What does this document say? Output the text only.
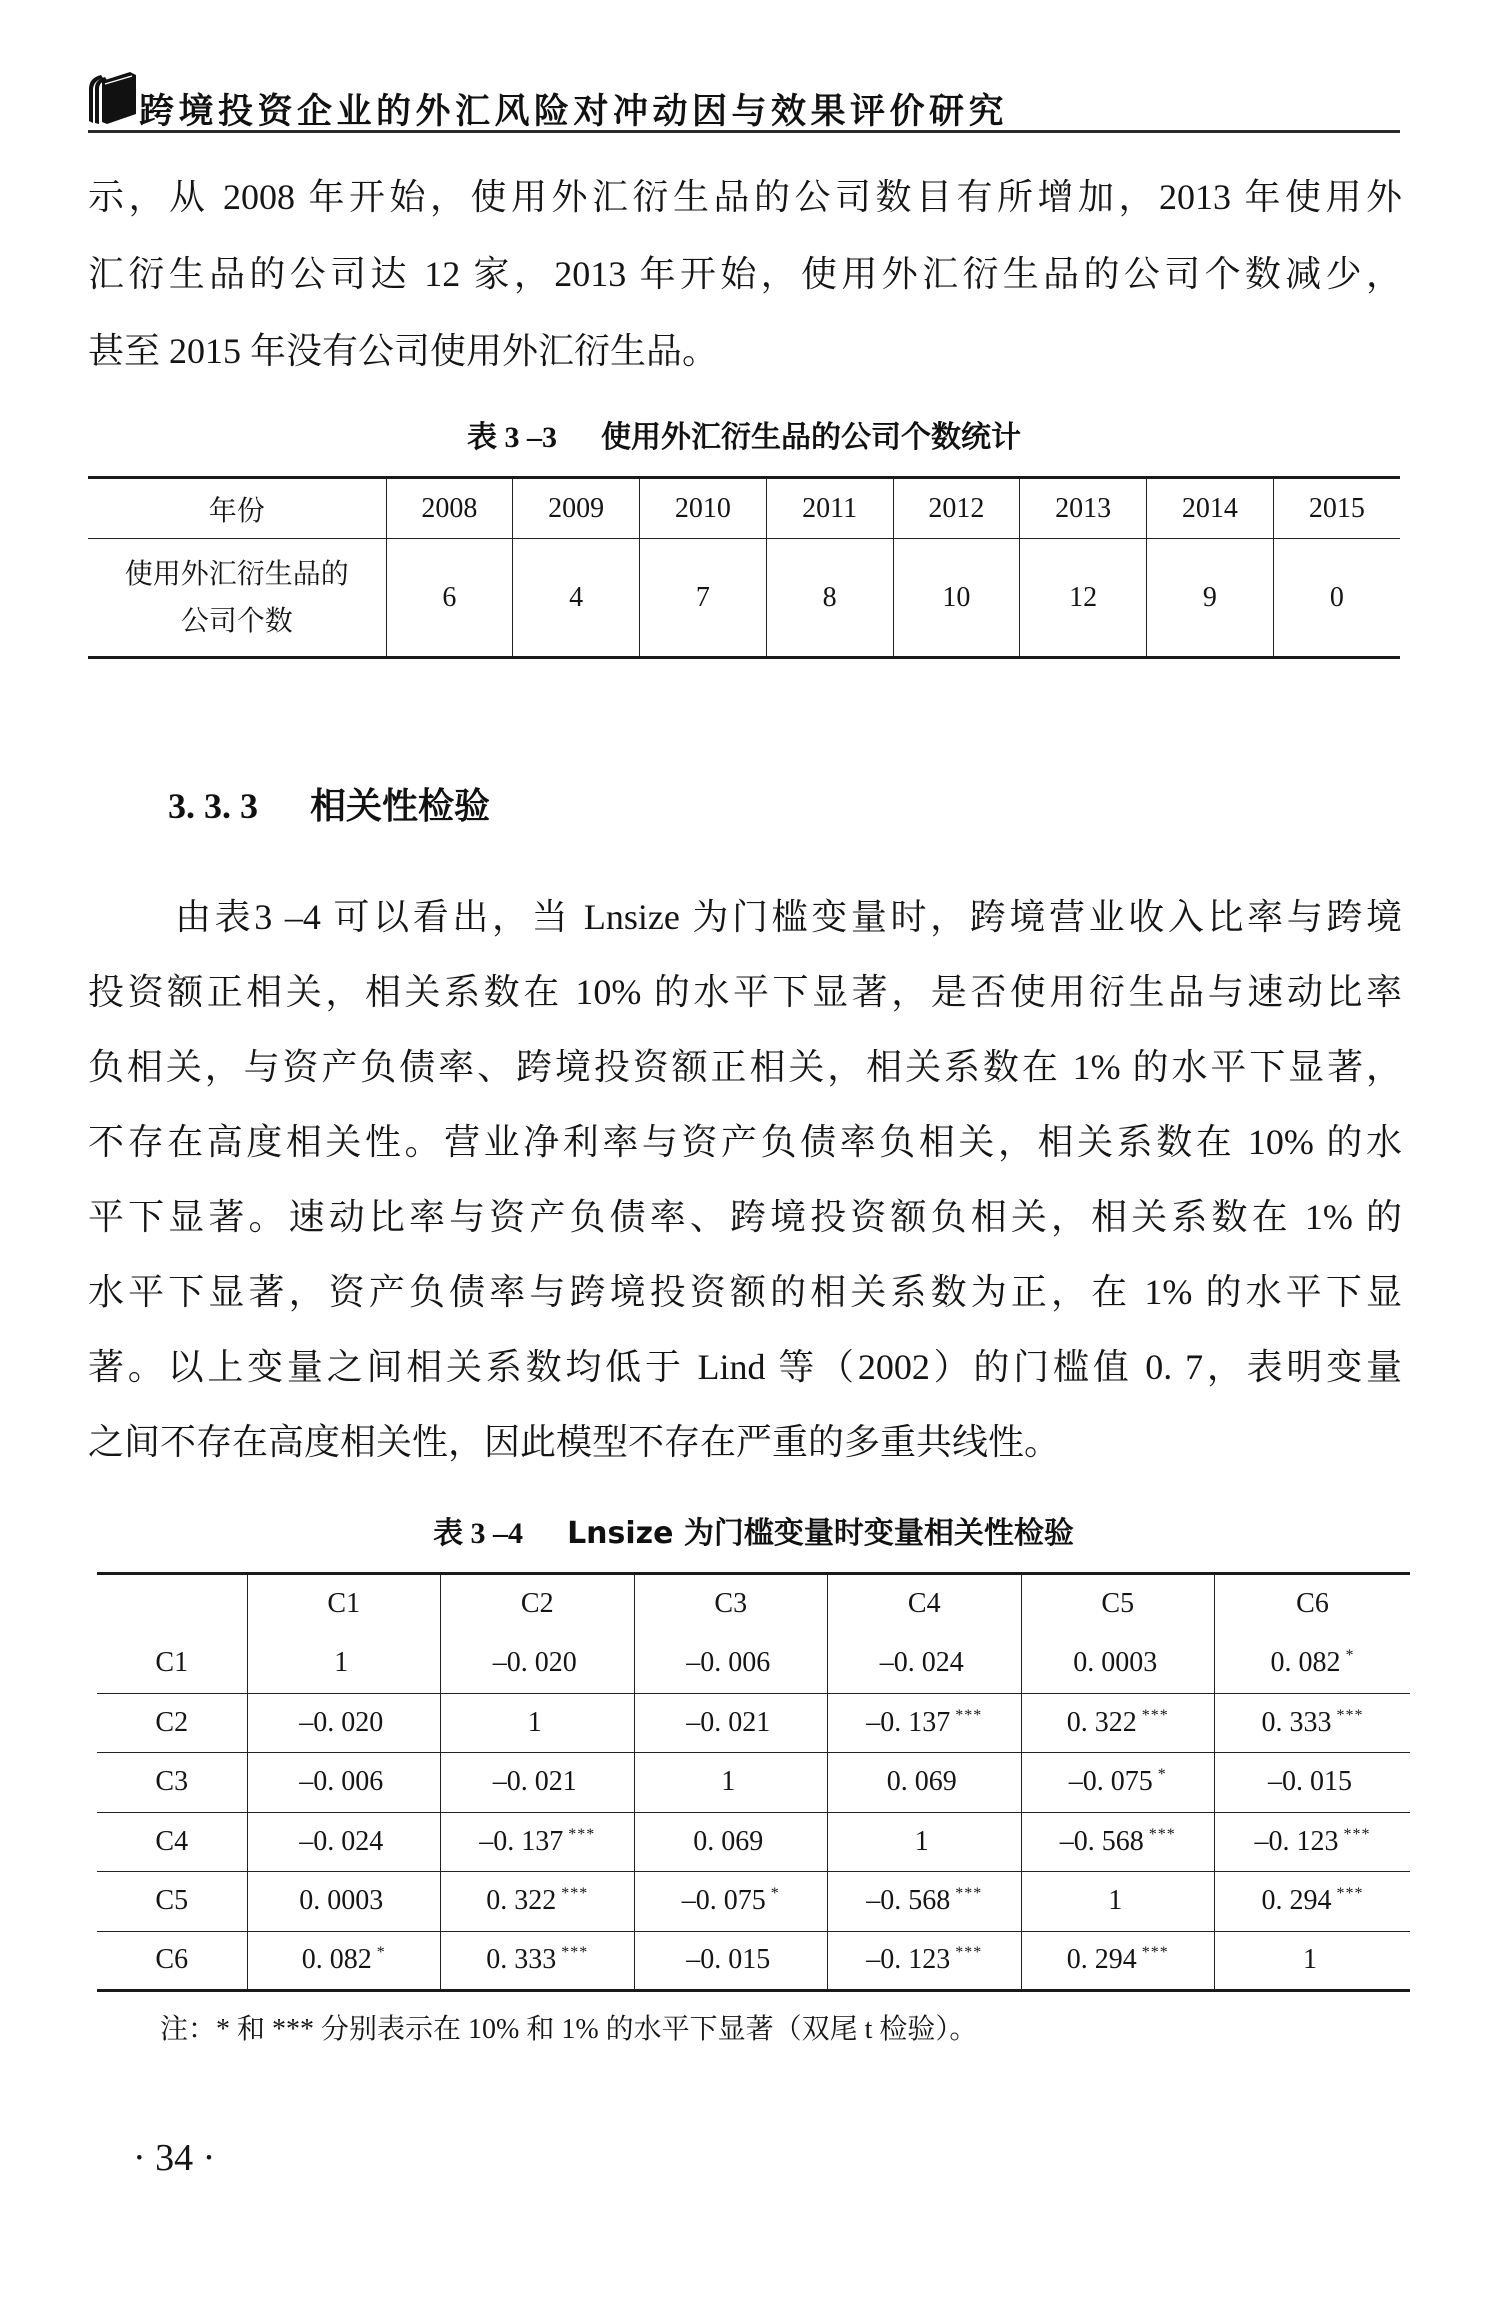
跨境投资企业的外汇风险对冲动因与效果评价研究
示，从 2008 年开始，使用外汇衍生品的公司数目有所增加，2013 年使用外
汇衍生品的公司达 12 家，2013 年开始，使用外汇衍生品的公司个数减少，
甚至 2015 年没有公司使用外汇衍生品。
表 3 –3 使用外汇衍生品的公司个数统计
年份	2008	2009	2010	2011	2012	2013	2014	2015

使用外汇衍生品的
公司个数	6	4	7	8	10	12	9	0
3. 3. 3 相关性检验
由表3 –4 可以看出，当 Lnsize 为门槛变量时，跨境营业收入比率与跨境
投资额正相关，相关系数在 10% 的水平下显著，是否使用衍生品与速动比率
负相关，与资产负债率、跨境投资额正相关，相关系数在 1% 的水平下显著，
不存在高度相关性。营业净利率与资产负债率负相关，相关系数在 10% 的水
平下显著。速动比率与资产负债率、跨境投资额负相关，相关系数在 1% 的
水平下显著，资产负债率与跨境投资额的相关系数为正，在 1% 的水平下显
著。以上变量之间相关系数均低于 Lind 等（2002）的门槛值 0. 7，表明变量
之间不存在高度相关性，因此模型不存在严重的多重共线性。
表 3 –4 Lnsize 为门槛变量时变量相关性检验
	C1	C2	C3	C4	C5	C6
C1	1	–0. 020	–0. 006	–0. 024	0. 0003	0. 082 *
C2	–0. 020	1	–0. 021	–0. 137 ***	0. 322 ***	0. 333 ***
C3	–0. 006	–0. 021	1	0. 069	–0. 075 *	–0. 015
C4	–0. 024	–0. 137 ***	0. 069	1	–0. 568 ***	–0. 123 ***
C5	0. 0003	0. 322 ***	–0. 075 *	–0. 568 ***	1	0. 294 ***
C6	0. 082 *	0. 333 ***	–0. 015	–0. 123 ***	0. 294 ***	1
注：* 和 *** 分别表示在 10% 和 1% 的水平下显著（双尾 t 检验）。
· 34 ·
